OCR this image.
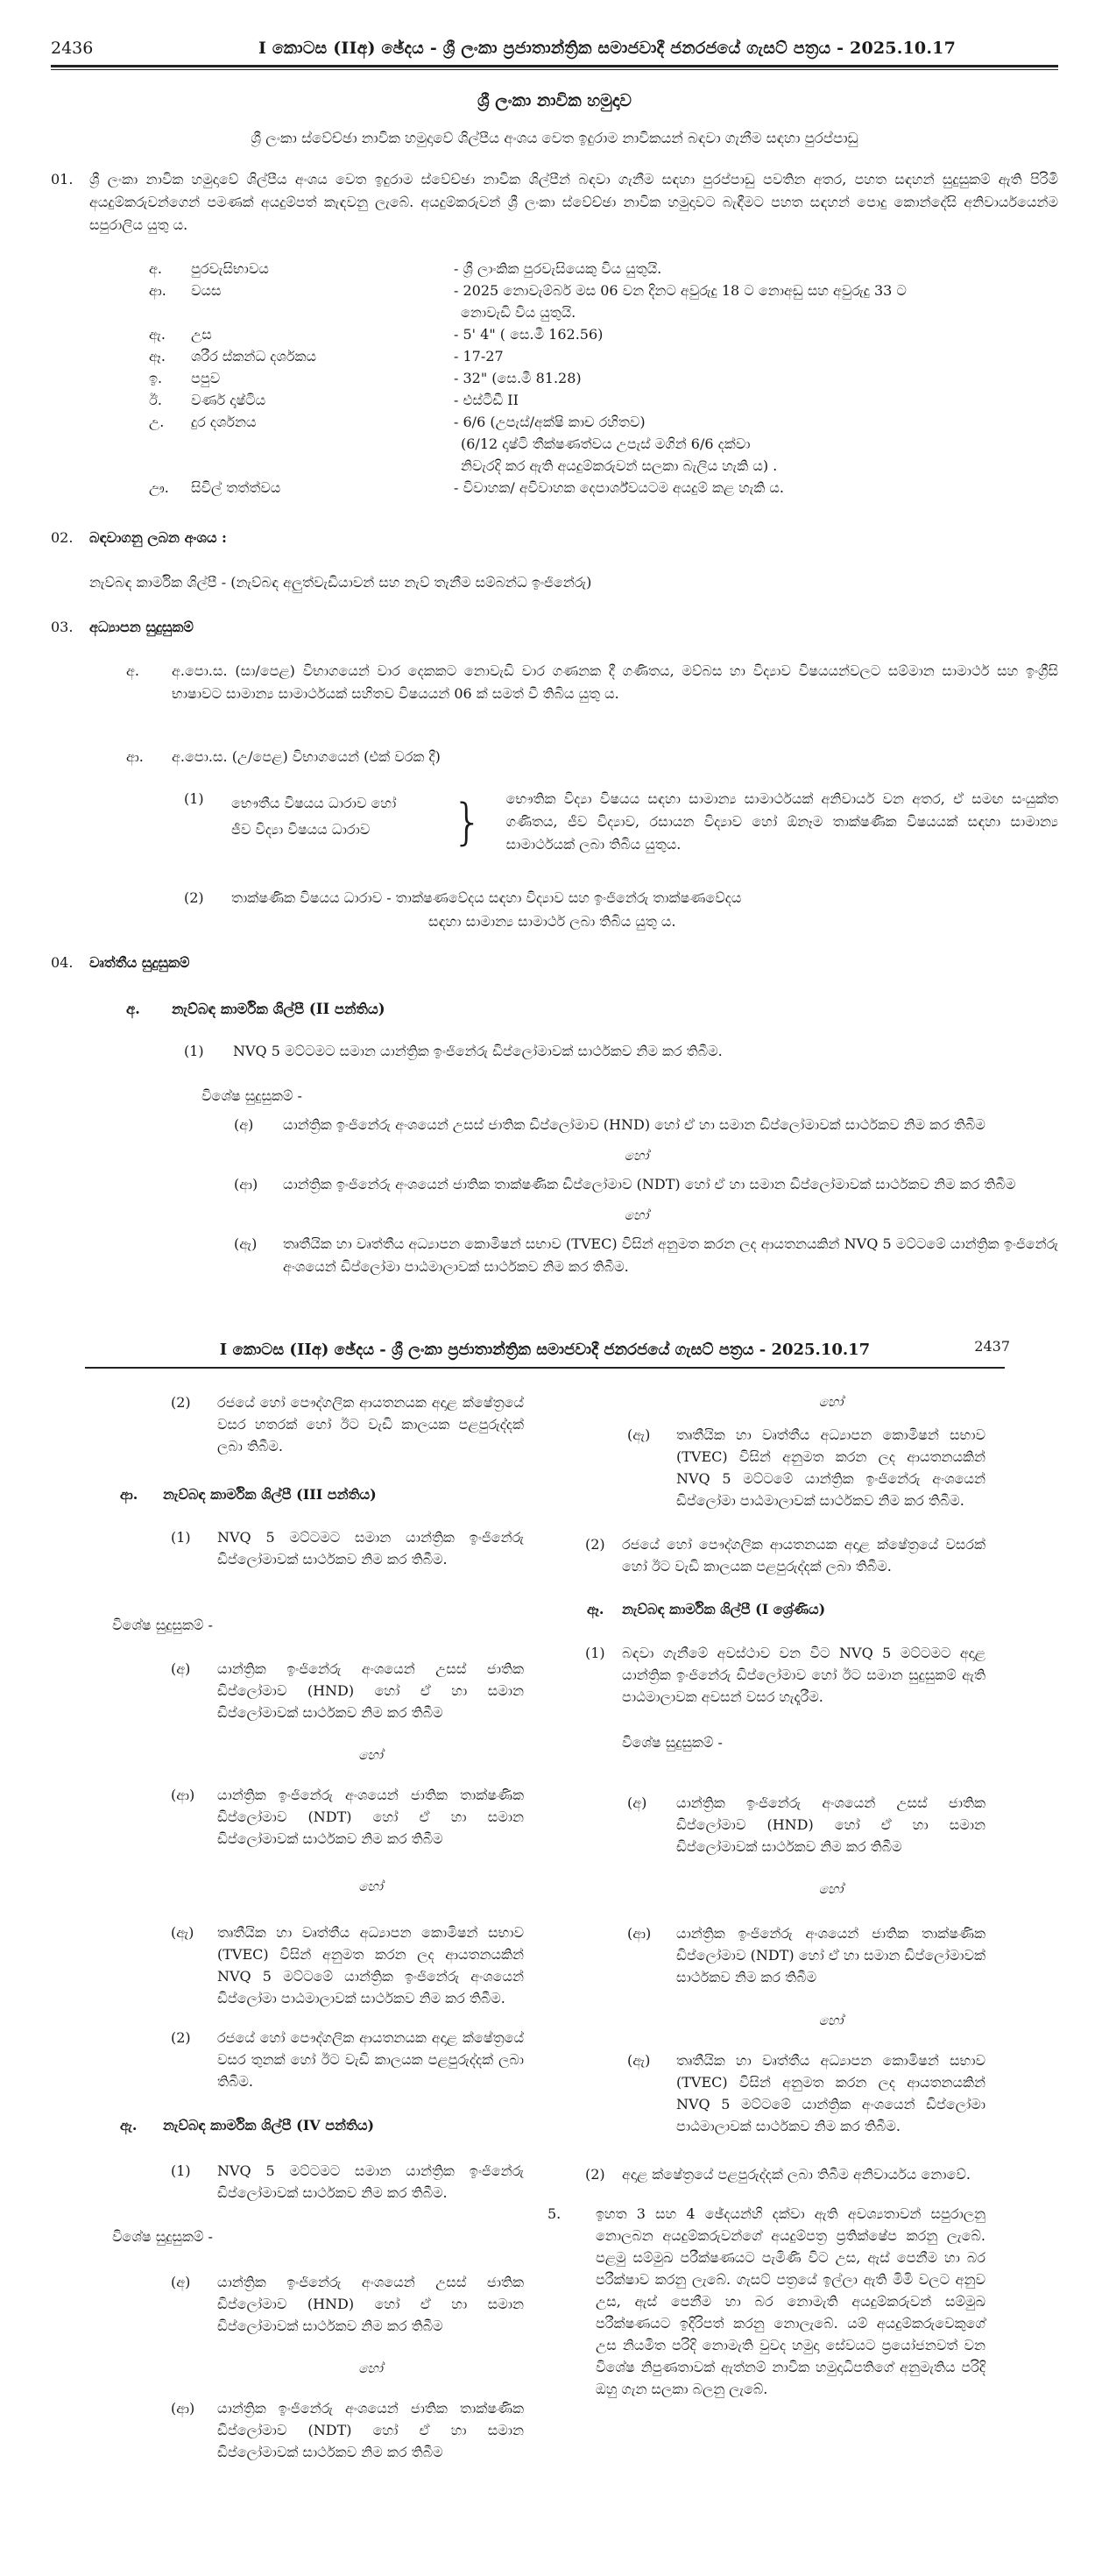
2436	I කොටස (IIඅ) ඡේදය - ශ්‍රී ලංකා ප්‍රජාතාන්ත්‍රික සමාජවාදී ජනරජයේ ගැසට් පත්‍රය - 2025.10.17
ශ්‍රී ලංකා නාවික හමුදාව
ශ්‍රී ලංකා ස්වේච්ඡා නාවික හමුදාවේ ශිල්පීය අංශය වෙත ඉදුරාම නාවිකයන් බඳවා ගැනීම සඳහා පුරප්පාඩු
01.	ශ්‍රී ලංකා නාවික හමුදාවේ ශිල්පීය අංශය වෙත ඉදුරාම ස්වේච්ඡා නාවික ශිල්පීන් බඳවා ගැනීම සඳහා පුරප්පාඩු පවතින අතර, පහත සඳහන් සුදුසුකම් ඇති පිරිමි අයදුම්කරුවන්ගෙන් පමණක් අයදුම්පත් කැඳවනු ලැබේ. අයදුම්කරුවන් ශ්‍රී ලංකා ස්වේච්ඡා නාවික හමුදාවට බැඳීමට පහත සඳහන් පොදු කොන්දේසි අනිවාර්යයෙන්ම සපුරාලිය යුතු ය.
අ.	පුරවැසිභාවය	- ශ්‍රී ලාංකික පුරවැසියෙකු විය යුතුයි.
ආ.	වයස	- 2025 නොවැම්බර් මස 06 වන දිනට අවුරුදු 18 ට නොඅඩු සහ අවුරුදු 33 ට
නොවැඩි විය යුතුයි.
ඇ.	උස	- 5' 4" ( සෙ.මී 162.56)
ඈ.	ශරීර ස්කන්ධ දර්ශකය	- 17-27
ඉ.	පපුව	- 32" (සෙ.මී 81.28)
ඊ.	වර්ණ දෘෂ්ටිය	- එස්ටීඩී II
උ.	දුර දර්ශනය	- 6/6 (උපැස්/අක්ෂි කාච රහිතව)
(6/12 දෘෂ්ටි තීක්ෂණත්වය උපැස් මගින් 6/6 දක්වා
නිවැරදි කර ඇති අයදුම්කරුවන් සලකා බැලිය හැකි ය) .
ඌ.	සිවිල් තත්ත්වය	- විවාහක/ අවිවාහක දෙපාර්ශ්වයටම අයදුම් කළ හැකි ය.
02.	බඳවාගනු ලබන අංශය :
නැව්බඳ කාර්මික ශිල්පී - (නැව්බඳ අලුත්වැඩියාවන් සහ නැව් තැනීම සම්බන්ධ ඉංජිනේරු)
03.	අධ්‍යාපන සුදුසුකම්
අ.	අ.පො.ස. (සා/පෙළ) විභාගයෙන් වාර දෙකකට නොවැඩි වාර ගණනක දී ගණිතය, මව්බස හා විද්‍යාව විෂයයන්වලට සම්මාන සාමාර්ථ සහ ඉංග්‍රීසි භාෂාවට සාමාන්‍ය සාමාර්ථයක් සහිතව විෂයයන් 06 ක් සමත් වී තිබිය යුතු ය.
ආ.	අ.පො.ස. (උ/පෙළ) විභාගයෙන් (එක් වරක දී)
(1)	භෞතීය විෂයය ධාරාව හෝ
ජීව විද්‍යා විෂයය ධාරාව	}	භෞතික විද්‍යා විෂයය සඳහා සාමාන්‍ය සාමාර්ථයක් අනිවාර්ය වන අතර, ඒ සමඟ සංයුක්ත ගණිතය, ජීව විද්‍යාව, රසායන විද්‍යාව හෝ ඕනෑම තාක්ෂණික විෂයයක් සඳහා සාමාන්‍ය සාමාර්ථයක් ලබා තිබිය යුතුය.
(2)	තාක්ෂණික විෂයය ධාරාව - තාක්ෂණවේදය සඳහා විද්‍යාව සහ ඉංජිනේරු තාක්ෂණවේදය
සඳහා සාමාන්‍ය සාමාර්ථ ලබා තිබිය යුතු ය.
04.	වෘත්තීය සුදුසුකම්
අ.	නැව්බඳ කාර්මික ශිල්පී (II පන්තිය)
(1)	NVQ 5 මට්ටමට සමාන යාන්ත්‍රික ඉංජිනේරු ඩිප්ලෝමාවක් සාර්ථකව නිම කර තිබීම.
විශේෂ සුදුසුකම් -
(අ)	යාන්ත්‍රික ඉංජිනේරු අංශයෙන් උසස් ජාතික ඩිප්ලෝමාව (HND) හෝ ඒ හා සමාන ඩිප්ලෝමාවක් සාර්ථකව නිම කර තිබීම
හෝ
(ආ)	යාන්ත්‍රික ඉංජිනේරු අංශයෙන් ජාතික තාක්ෂණික ඩිප්ලෝමාව (NDT) හෝ ඒ හා සමාන ඩිප්ලෝමාවක් සාර්ථකව නිම කර තිබීම
හෝ
(ඇ)	තෘතීයික හා වෘත්තීය අධ්‍යාපන කොමිෂන් සභාව (TVEC) විසින් අනුමත කරන ලද ආයතනයකින් NVQ 5 මට්ටමේ යාන්ත්‍රික ඉංජිනේරු අංශයෙන් ඩිප්ලෝමා පාඨමාලාවක් සාර්ථකව නිම කර තිබීම.
I කොටස (IIඅ) ඡේදය - ශ්‍රී ලංකා ප්‍රජාතාන්ත්‍රික සමාජවාදී ජනරජයේ ගැසට් පත්‍රය - 2025.10.17	2437
(2)	රජයේ හෝ පෞද්ගලික ආයතනයක අදාළ ක්ෂේත්‍රයේ වසර හතරක් හෝ ඊට වැඩි කාලයක පළපුරුද්දක් ලබා තිබීම.
ආ.	නැව්බඳ කාර්මික ශිල්පී (III පන්තිය)
(1)	NVQ 5 මට්ටමට සමාන යාන්ත්‍රික ඉංජිනේරු ඩිප්ලෝමාවක් සාර්ථකව නිම කර තිබීම.
විශේෂ සුදුසුකම් -
(අ)	යාන්ත්‍රික ඉංජිනේරු අංශයෙන් උසස් ජාතික ඩිප්ලෝමාව (HND) හෝ ඒ හා සමාන ඩිප්ලෝමාවක් සාර්ථකව නිම කර තිබීම
හෝ
(ආ)	යාන්ත්‍රික ඉංජිනේරු අංශයෙන් ජාතික තාක්ෂණික ඩිප්ලෝමාව (NDT) හෝ ඒ හා සමාන ඩිප්ලෝමාවක් සාර්ථකව නිම කර තිබීම
හෝ
(ඇ)	තෘතීයික හා වෘත්තීය අධ්‍යාපන කොමිෂන් සභාව (TVEC) විසින් අනුමත කරන ලද ආයතනයකින් NVQ 5 මට්ටමේ යාන්ත්‍රික ඉංජිනේරු අංශයෙන් ඩිප්ලෝමා පාඨමාලාවක් සාර්ථකව නිම කර තිබීම.
(2)	රජයේ හෝ පෞද්ගලික ආයතනයක අදාළ ක්ෂේත්‍රයේ වසර තුනක් හෝ ඊට වැඩි කාලයක පළපුරුද්දක් ලබා තිබීම.
ඇ.	නැව්බඳ කාර්මික ශිල්පී (IV පන්තිය)
(1)	NVQ 5 මට්ටමට සමාන යාන්ත්‍රික ඉංජිනේරු ඩිප්ලෝමාවක් සාර්ථකව නිම කර තිබීම.
විශේෂ සුදුසුකම් -
(අ)	යාන්ත්‍රික ඉංජිනේරු අංශයෙන් උසස් ජාතික ඩිප්ලෝමාව (HND) හෝ ඒ හා සමාන ඩිප්ලෝමාවක් සාර්ථකව නිම කර තිබීම
හෝ
(ආ)	යාන්ත්‍රික ඉංජිනේරු අංශයෙන් ජාතික තාක්ෂණික ඩිප්ලෝමාව (NDT) හෝ ඒ හා සමාන ඩිප්ලෝමාවක් සාර්ථකව නිම කර තිබීම
හෝ
(ඇ)	තෘතීයික හා වෘත්තීය අධ්‍යාපන කොමිෂන් සභාව (TVEC) විසින් අනුමත කරන ලද ආයතනයකින් NVQ 5 මට්ටමේ යාන්ත්‍රික ඉංජිනේරු අංශයෙන් ඩිප්ලෝමා පාඨමාලාවක් සාර්ථකව නිම කර තිබීම.
(2)	රජයේ හෝ පෞද්ගලික ආයතනයක අදාළ ක්ෂේත්‍රයේ වසරක් හෝ ඊට වැඩි කාලයක පළපුරුද්දක් ලබා තිබීම.
ඈ.	නැව්බඳ කාර්මික ශිල්පී (I ශ්‍රේණිය)
(1)	බඳවා ගැනීමේ අවස්ථාව වන විට NVQ 5 මට්ටමට අදාළ යාන්ත්‍රික ඉංජිනේරු ඩිප්ලෝමාව හෝ ඊට සමාන සුදුසුකම් ඇති පාඨමාලාවක අවසන් වසර හැදෑරීම.
විශේෂ සුදුසුකම් -
(අ)	යාන්ත්‍රික ඉංජිනේරු අංශයෙන් උසස් ජාතික ඩිප්ලෝමාව (HND) හෝ ඒ හා සමාන ඩිප්ලෝමාවක් සාර්ථකව නිම කර තිබීම
හෝ
(ආ)	යාන්ත්‍රික ඉංජිනේරු අංශයෙන් ජාතික තාක්ෂණික ඩිප්ලෝමාව (NDT) හෝ ඒ හා සමාන ඩිප්ලෝමාවක් සාර්ථකව නිම කර තිබීම
හෝ
(ඇ)	තෘතීයික හා වෘත්තීය අධ්‍යාපන කොමිෂන් සභාව (TVEC) විසින් අනුමත කරන ලද ආයතනයකින් NVQ 5 මට්ටමේ යාන්ත්‍රික අංශයෙන් ඩිප්ලෝමා පාඨමාලාවක් සාර්ථකව නිම කර තිබීම.
(2)	අදාළ ක්ෂේත්‍රයේ පළපුරුද්දක් ලබා තිබීම අනිවාර්යය නොවේ.
5.	ඉහත 3 සහ 4 ඡේදයන්හි දක්වා ඇති අවශ්‍යතාවන් සපුරාලනු නොලබන අයදුම්කරුවන්ගේ අයදුම්පත්‍ර ප්‍රතික්ෂේප කරනු ලැබේ. පළමු සම්මුඛ පරීක්ෂණයට පැමිණි විට උස, ඇස් පෙනීම හා බර පරීක්ෂාව කරනු ලැබේ. ගැසට් පත්‍රයේ ඉල්ලා ඇති මිමි වලට අනුව උස, ඇස් පෙනීම හා බර නොමැති අයදුම්කරුවන් සම්මුඛ පරීක්ෂණයට ඉදිරිපත් කරනු නොලැබේ. යම් අයදුම්කරුවෙකුගේ උස නියමිත පරිදි නොමැති වුවද හමුදා සේවයට ප්‍රයෝජනවත් වන විශේෂ නිපුණතාවක් ඇත්නම් නාවික හමුදාධිපතිගේ අනුමැතිය පරිදි ඔහු ගැන සලකා බලනු ලැබේ.
